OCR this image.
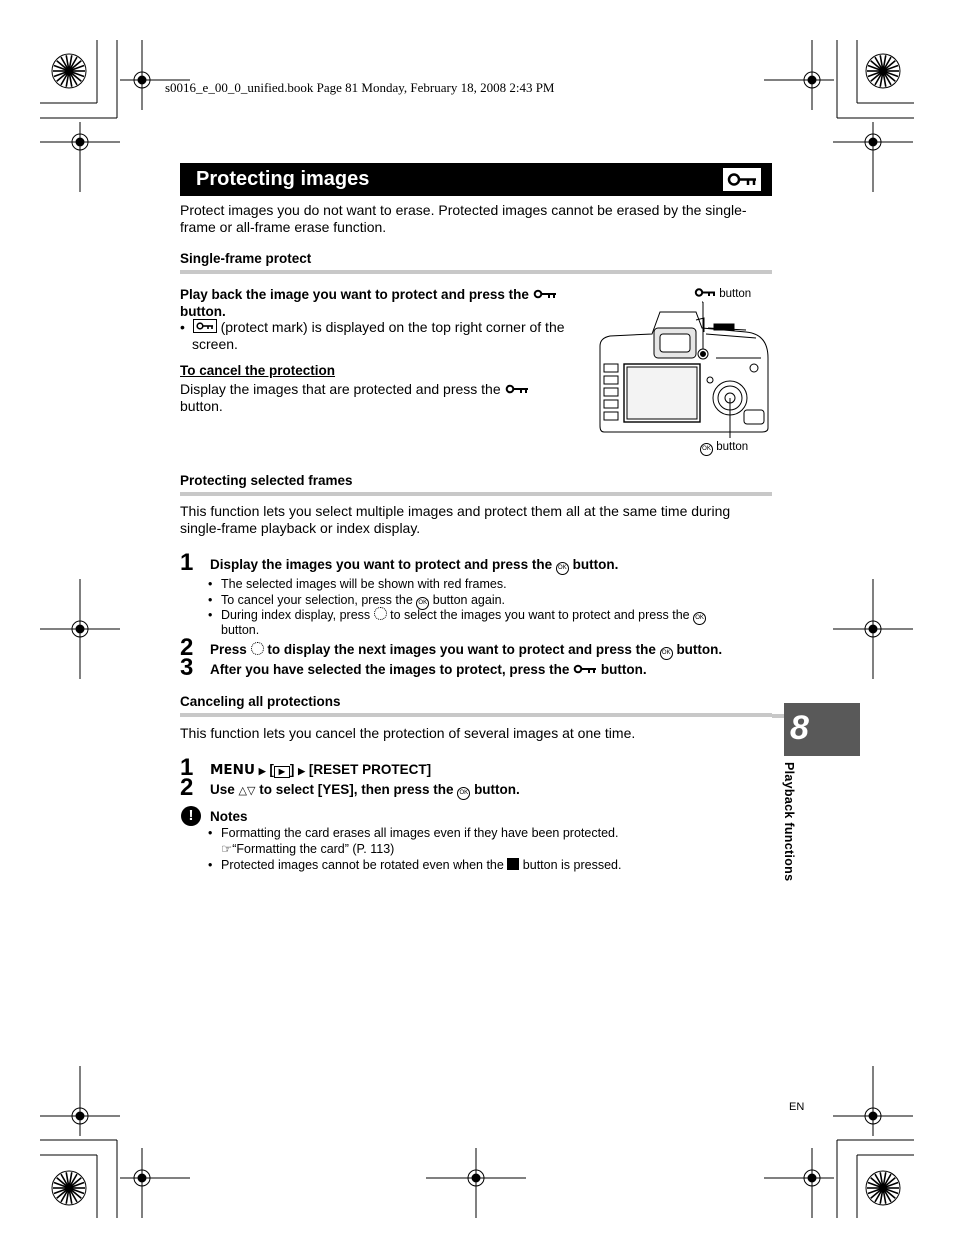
s0016_e_00_0_unified.book Page 81 Monday, February 18, 2008 2:43 PM
Protecting images
Protect images you do not want to erase. Protected images cannot be erased by the single-
frame or all-frame erase function.
Single-frame protect
Play back the image you want to protect and press the
button.
•
(protect mark) is displayed on the top right corner of the
screen.
To cancel the protection
Display the images that are protected and press the
button.
button
OK button
Protecting selected frames
This function lets you select multiple images and protect them all at the same time during
single-frame playback or index display.
1 Display the images you want to protect and press the OK button.
• The selected images will be shown with red frames.
• To cancel your selection, press the OK button again.
• During index display, press to select the images you want to protect and press the OK
button.
2 Press to display the next images you want to protect and press the OK button.
3 After you have selected the images to protect, press the button.
Canceling all protections
This function lets you cancel the protection of several images at one time.
1 MENU ▶ [ ▶ ] ▶ [RESET PROTECT]
2 Use △▽ to select [YES], then press the OK button.
!	Notes
• Formatting the card erases all images even if they have been protected.
☞“Formatting the card” (P. 113)
• Protected images cannot be rotated even when the button is pressed.
8
Playback functions
EN
